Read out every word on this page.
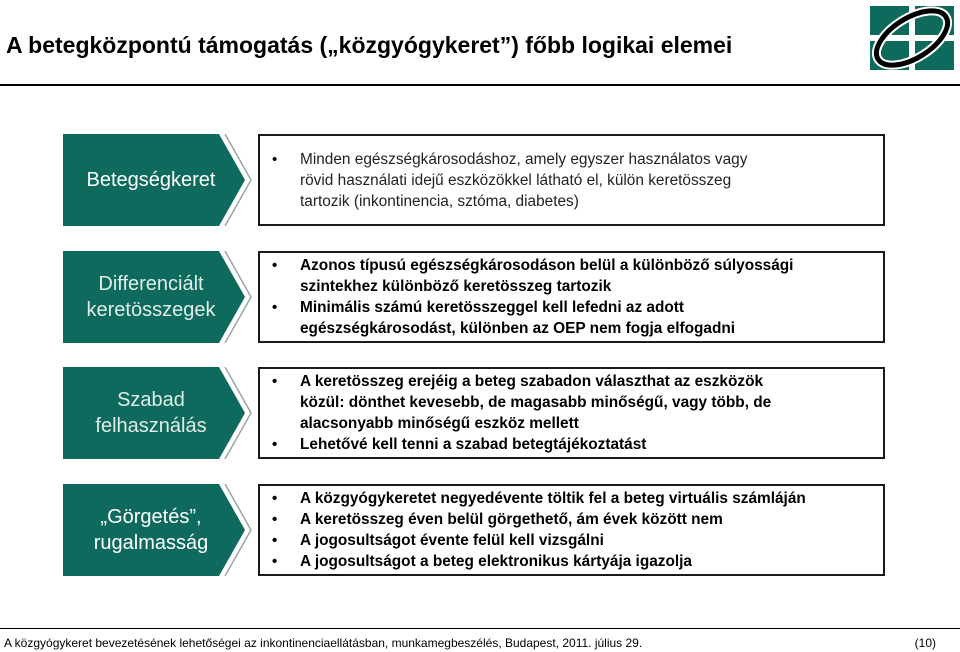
A betegközpontú támogatás („közgyógykeret”) főbb logikai elemei
Betegségkeret
• Minden egészségkárosodáshoz, amely egyszer használatos vagy
rövid használati idejű eszközökkel látható el, külön keretösszeg
tartozik (inkontinencia, sztóma, diabetes)
Differenciált
keretösszegek
• Azonos típusú egészségkárosodáson belül a különböző súlyossági
szintekhez különböző keretösszeg tartozik
• Minimális számú keretösszeggel kell lefedni az adott
egészségkárosodást, különben az OEP nem fogja elfogadni
Szabad
felhasználás
• A keretösszeg erejéig a beteg szabadon választhat az eszközök
közül: dönthet kevesebb, de magasabb minőségű, vagy több, de
alacsonyabb minőségű eszköz mellett
• Lehetővé kell tenni a szabad betegtájékoztatást
„Görgetés”,
rugalmasság
• A közgyógykeretet negyedévente töltik fel a beteg virtuális számláján
• A keretösszeg éven belül görgethető, ám évek között nem
• A jogosultságot évente felül kell vizsgálni
• A jogosultságot a beteg elektronikus kártyája igazolja
A közgyógykeret bevezetésének lehetőségei az inkontinenciaellátásban, munkamegbeszélés, Budapest, 2011. július 29.	(10)
